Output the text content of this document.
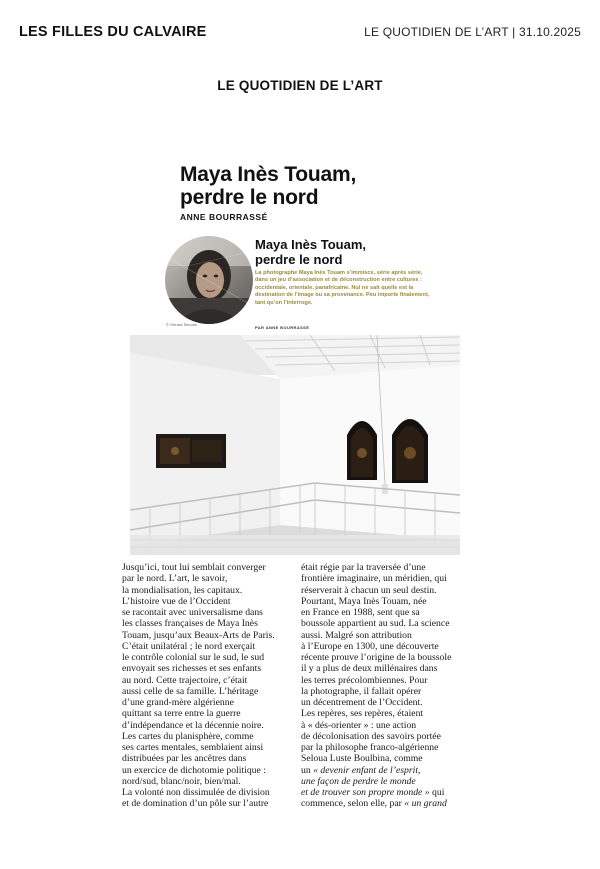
LES FILLES DU CALVAIRE	LE QUOTIDIEN DE L’ART | 31.10.2025
LE QUOTIDIEN DE L’ART
Maya Inès Touam,
perdre le nord
ANNE BOURRASSÉ
© Gérard Simoès
Maya Inès Touam,
perdre le nord
La photographe Maya Inès Touam s’immisce, série après série, dans un jeu d’association et de déconstruction entre cultures : occidentale, orientale, panafricaine. Nul ne sait quelle est la destination de l’image ou sa provenance. Peu importe finalement, tant qu’on l’interroge.
PAR ANNE BOURRASSÉ
Jusqu’ici, tout lui semblait converger
par le nord. L’art, le savoir,
la mondialisation, les capitaux.
L’histoire vue de l’Occident
se racontait avec universalisme dans
les classes françaises de Maya Inès
Touam, jusqu’aux Beaux-Arts de Paris.
C’était unilatéral ; le nord exerçait
le contrôle colonial sur le sud, le sud
envoyait ses richesses et ses enfants
au nord. Cette trajectoire, c’était
aussi celle de sa famille. L’héritage
d’une grand-mère algérienne
quittant sa terre entre la guerre
d’indépendance et la décennie noire.
Les cartes du planisphère, comme
ses cartes mentales, semblaient ainsi
distribuées par les ancêtres dans
un exercice de dichotomie politique :
nord/sud, blanc/noir, bien/mal.
La volonté non dissimulée de division
et de domination d’un pôle sur l’autre
était régie par la traversée d’une
frontière imaginaire, un méridien, qui
réserverait à chacun un seul destin.
Pourtant, Maya Inès Touam, née
en France en 1988, sent que sa
boussole appartient au sud. La science
aussi. Malgré son attribution
à l’Europe en 1300, une découverte
récente prouve l’origine de la boussole
il y a plus de deux millénaires dans
les terres précolombiennes. Pour
la photographe, il fallait opérer
un décentrement de l’Occident.
Les repères, ses repères, étaient
à « dés-orienter » : une action
de décolonisation des savoirs portée
par la philosophe franco-algérienne
Seloua Luste Boulbina, comme
un « devenir enfant de l’esprit,
une façon de perdre le monde
et de trouver son propre monde » qui
commence, selon elle, par « un grand
